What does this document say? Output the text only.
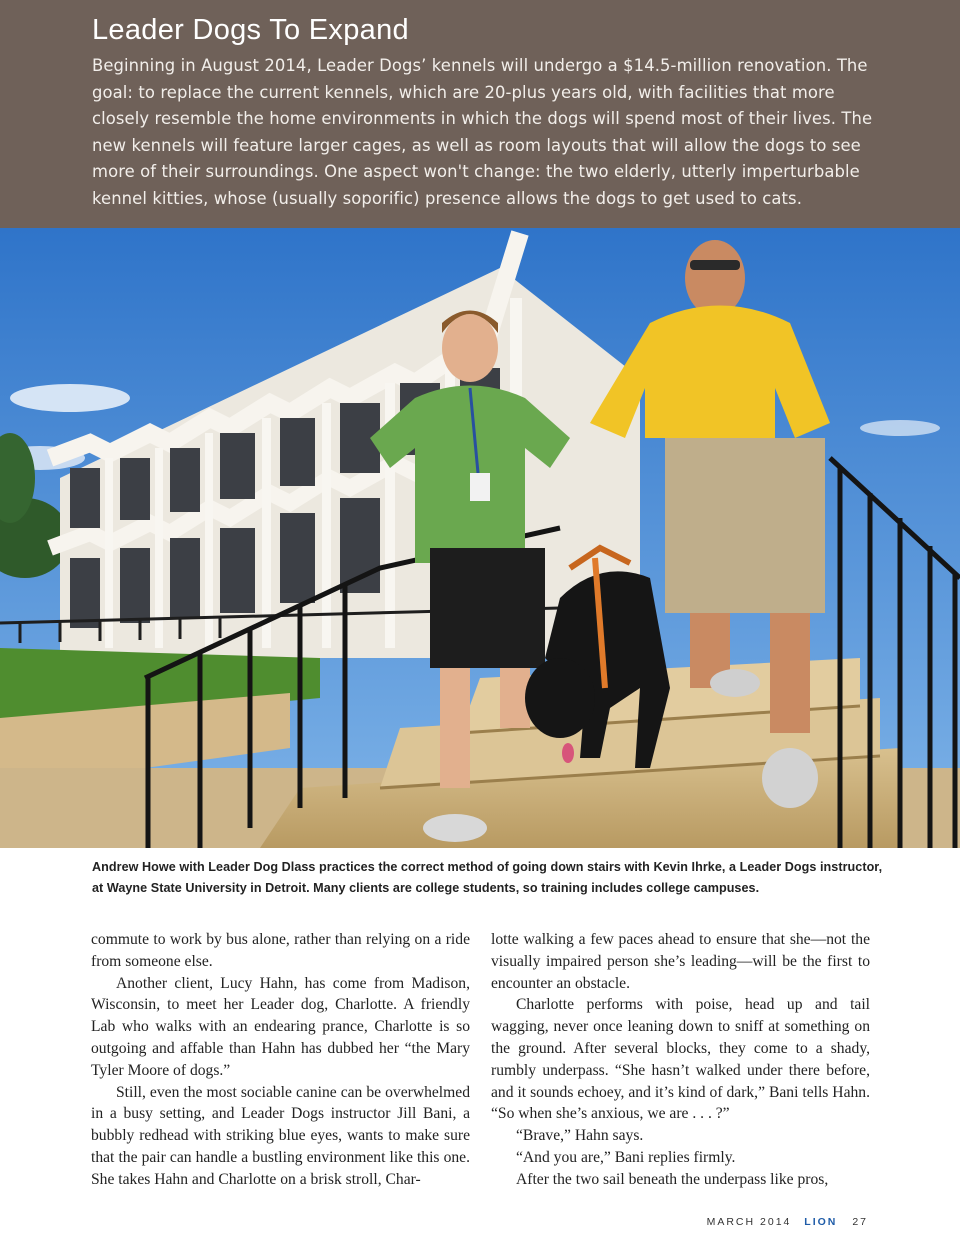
Leader Dogs To Expand

Beginning in August 2014, Leader Dogs’ kennels will undergo a $14.5-million renovation. The goal: to replace the current kennels, which are 20-plus years old, with facilities that more closely resemble the home environments in which the dogs will spend most of their lives. The new kennels will feature larger cages, as well as room layouts that will allow the dogs to see more of their surroundings. One aspect won't change: the two elderly, utterly imperturbable kennel kitties, whose (usually soporific) presence allows the dogs to get used to cats.

Andrew Howe with Leader Dog Dlass practices the correct method of going down stairs with Kevin Ihrke, a Leader Dogs instructor, at Wayne State University in Detroit. Many clients are college students, so training includes college campuses.

commute to work by bus alone, rather than relying on a ride from someone else.

Another client, Lucy Hahn, has come from Madison, Wisconsin, to meet her Leader dog, Charlotte. A friendly Lab who walks with an endearing prance, Charlotte is so outgoing and affable than Hahn has dubbed her “the Mary Tyler Moore of dogs.”

Still, even the most sociable canine can be overwhelmed in a busy setting, and Leader Dogs instructor Jill Bani, a bubbly redhead with striking blue eyes, wants to make sure that the pair can handle a bustling environment like this one. She takes Hahn and Charlotte on a brisk stroll, Char-

lotte walking a few paces ahead to ensure that she—not the visually impaired person she’s leading—will be the first to encounter an obstacle.

Charlotte performs with poise, head up and tail wagging, never once leaning down to sniff at something on the ground. After several blocks, they come to a shady, rumbly underpass. “She hasn’t walked under there before, and it sounds echoey, and it’s kind of dark,” Bani tells Hahn. “So when she’s anxious, we are . . . ?”

“Brave,” Hahn says.

“And you are,” Bani replies firmly.

After the two sail beneath the underpass like pros,

MARCH 2014 LION 27
